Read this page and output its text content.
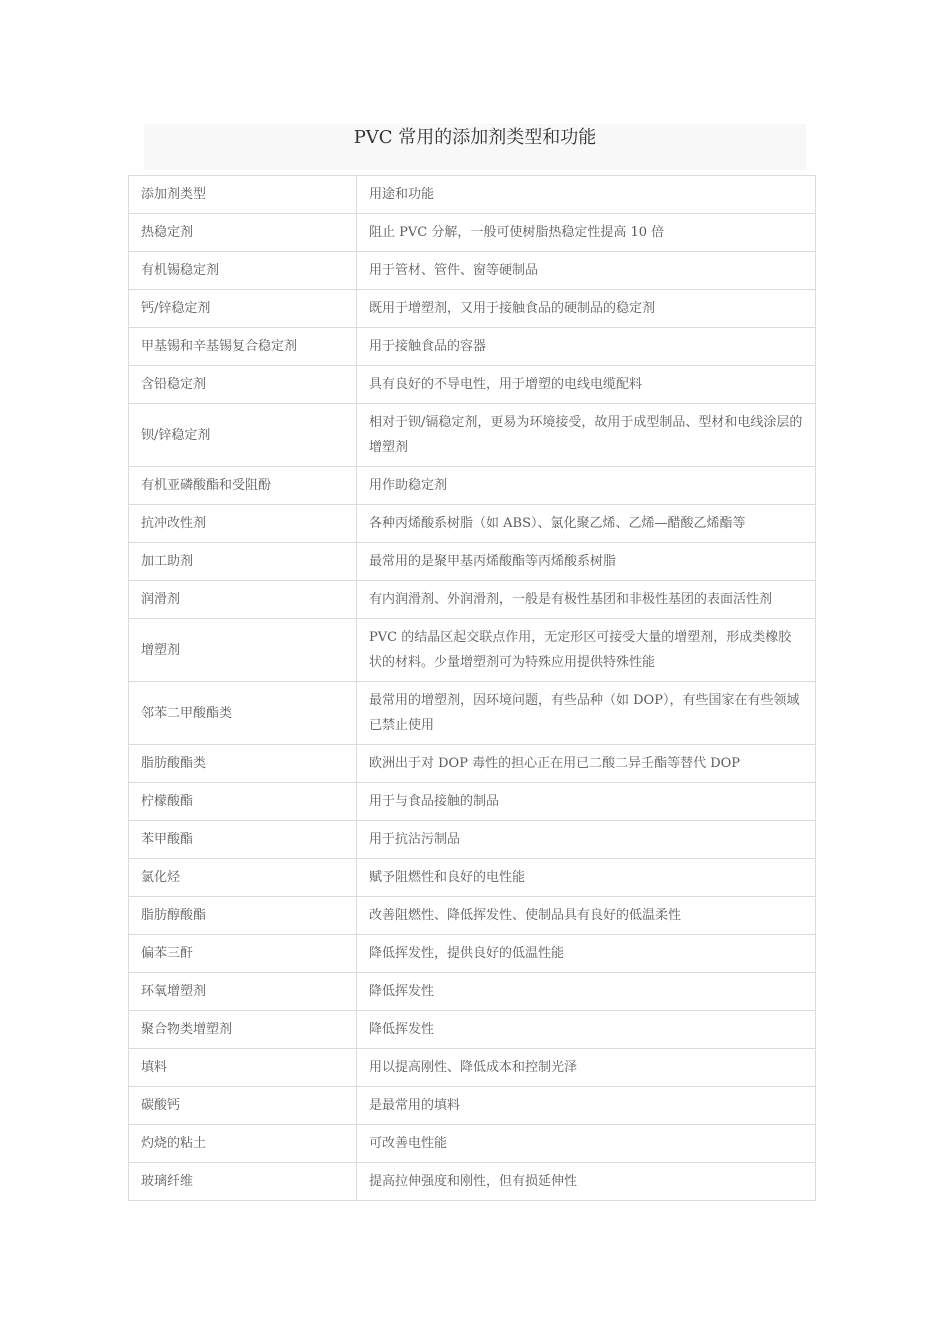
PVC 常用的添加剂类型和功能
添加剂类型	用途和功能
热稳定剂	阻止 PVC 分解，一般可使树脂热稳定性提高 10 倍
有机锡稳定剂	用于管材、管件、窗等硬制品
钙/锌稳定剂	既用于增塑剂，又用于接触食品的硬制品的稳定剂
甲基锡和辛基锡复合稳定剂	用于接触食品的容器
含铅稳定剂	具有良好的不导电性，用于增塑的电线电缆配料
钡/锌稳定剂	相对于钡/镉稳定剂，更易为环境接受，故用于成型制品、型材和电线涂层的增塑剂
有机亚磷酸酯和受阻酚	用作助稳定剂
抗冲改性剂	各种丙烯酸系树脂（如 ABS）、氯化聚乙烯、乙烯—醋酸乙烯酯等
加工助剂	最常用的是聚甲基丙烯酸酯等丙烯酸系树脂
润滑剂	有内润滑剂、外润滑剂，一般是有极性基团和非极性基团的表面活性剂
增塑剂	PVC 的结晶区起交联点作用，无定形区可接受大量的增塑剂，形成类橡胶状的材料。少量增塑剂可为特殊应用提供特殊性能
邻苯二甲酸酯类	最常用的增塑剂，因环境问题，有些品种（如 DOP），有些国家在有些领域已禁止使用
脂肪酸酯类	欧洲出于对 DOP 毒性的担心正在用已二酸二异壬酯等替代 DOP
柠檬酸酯	用于与食品接触的制品
苯甲酸酯	用于抗沾污制品
氯化烃	赋予阻燃性和良好的电性能
脂肪醇酸酯	改善阻燃性、降低挥发性、使制品具有良好的低温柔性
偏苯三酐	降低挥发性，提供良好的低温性能
环氧增塑剂	降低挥发性
聚合物类增塑剂	降低挥发性
填料	用以提高刚性、降低成本和控制光泽
碳酸钙	是最常用的填料
灼烧的粘土	可改善电性能
玻璃纤维	提高拉伸强度和刚性，但有损延伸性
